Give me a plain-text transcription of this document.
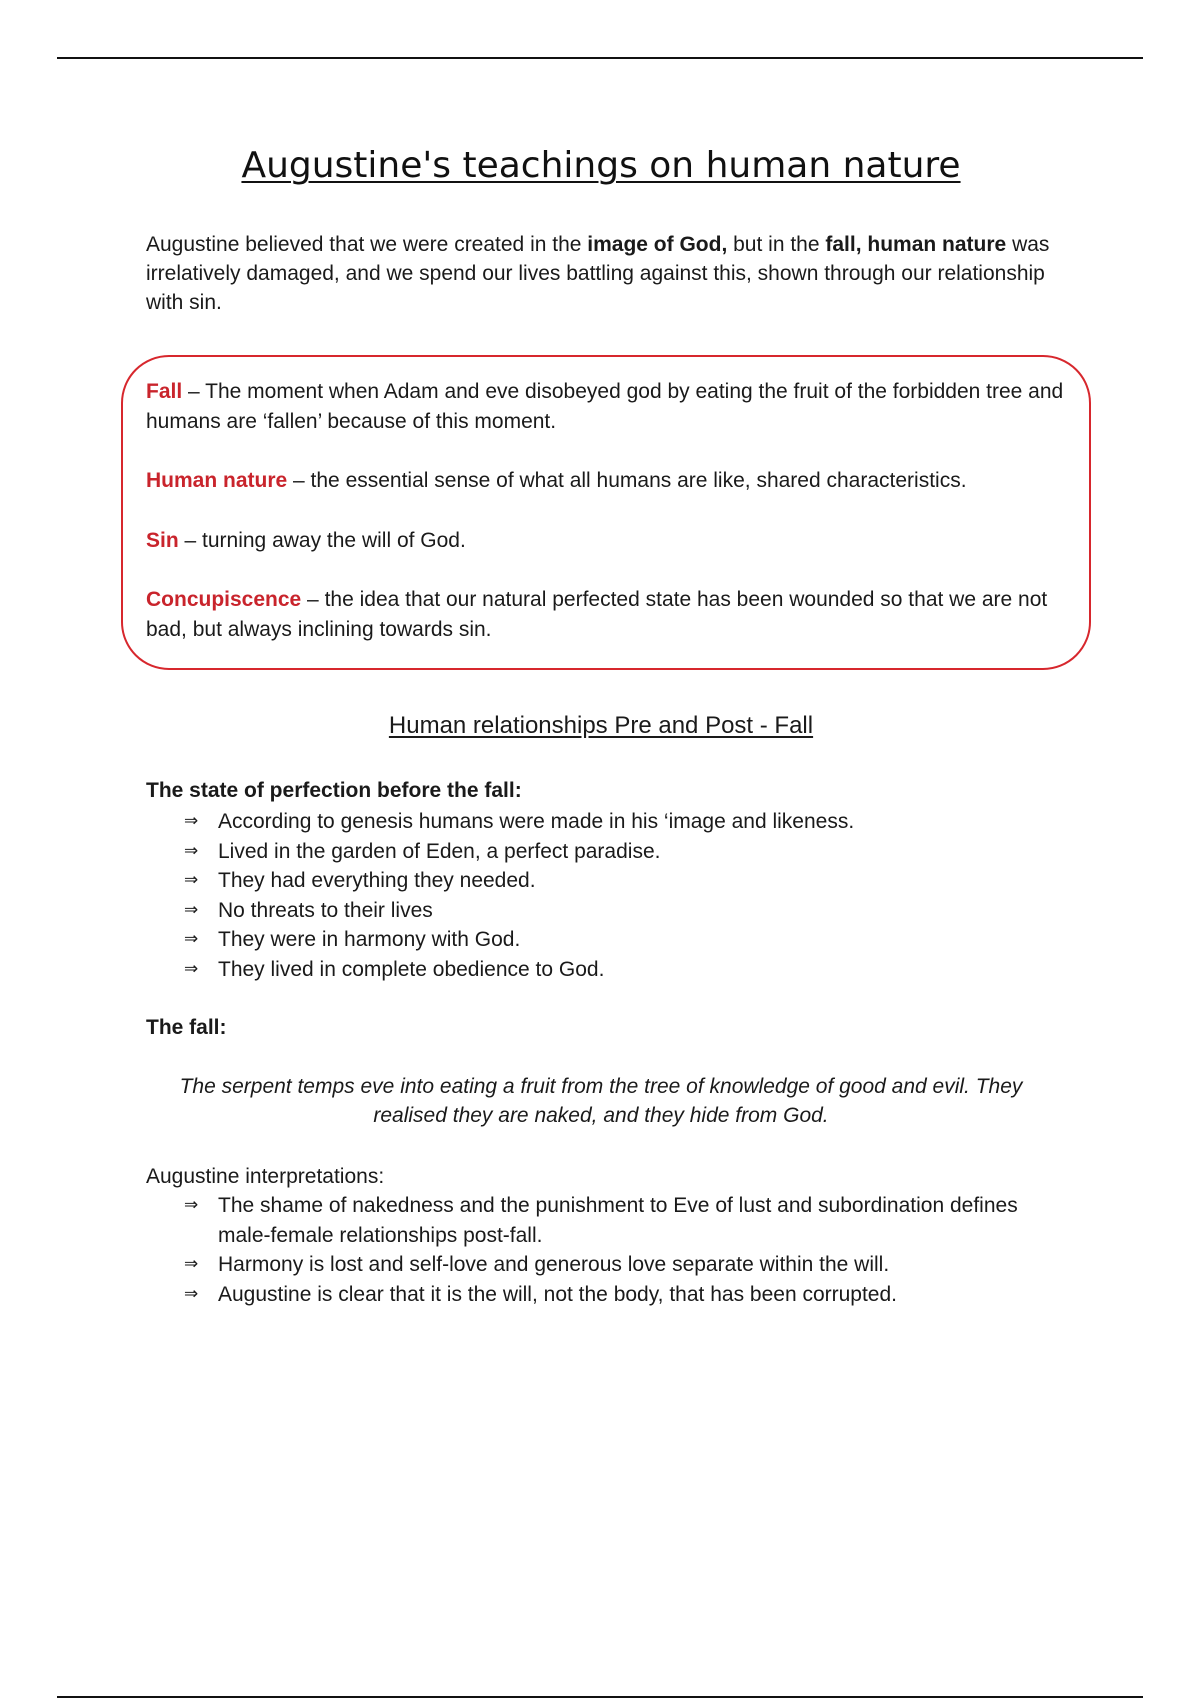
Augustine's teachings on human nature

Augustine believed that we were created in the image of God, but in the fall, human nature was irrelatively damaged, and we spend our lives battling against this, shown through our relationship with sin.

Fall – The moment when Adam and eve disobeyed god by eating the fruit of the forbidden tree and humans are ‘fallen’ because of this moment.

Human nature – the essential sense of what all humans are like, shared characteristics.

Sin – turning away the will of God.

Concupiscence – the idea that our natural perfected state has been wounded so that we are not bad, but always inclining towards sin.

Human relationships Pre and Post - Fall

The state of perfection before the fall:

⇒ According to genesis humans were made in his ‘image and likeness.
⇒ Lived in the garden of Eden, a perfect paradise.
⇒ They had everything they needed.
⇒ No threats to their lives
⇒ They were in harmony with God.
⇒ They lived in complete obedience to God.

The fall:

The serpent temps eve into eating a fruit from the tree of knowledge of good and evil. They realised they are naked, and they hide from God.

Augustine interpretations:

⇒ The shame of nakedness and the punishment to Eve of lust and subordination defines male-female relationships post-fall.
⇒ Harmony is lost and self-love and generous love separate within the will.
⇒ Augustine is clear that it is the will, not the body, that has been corrupted.
